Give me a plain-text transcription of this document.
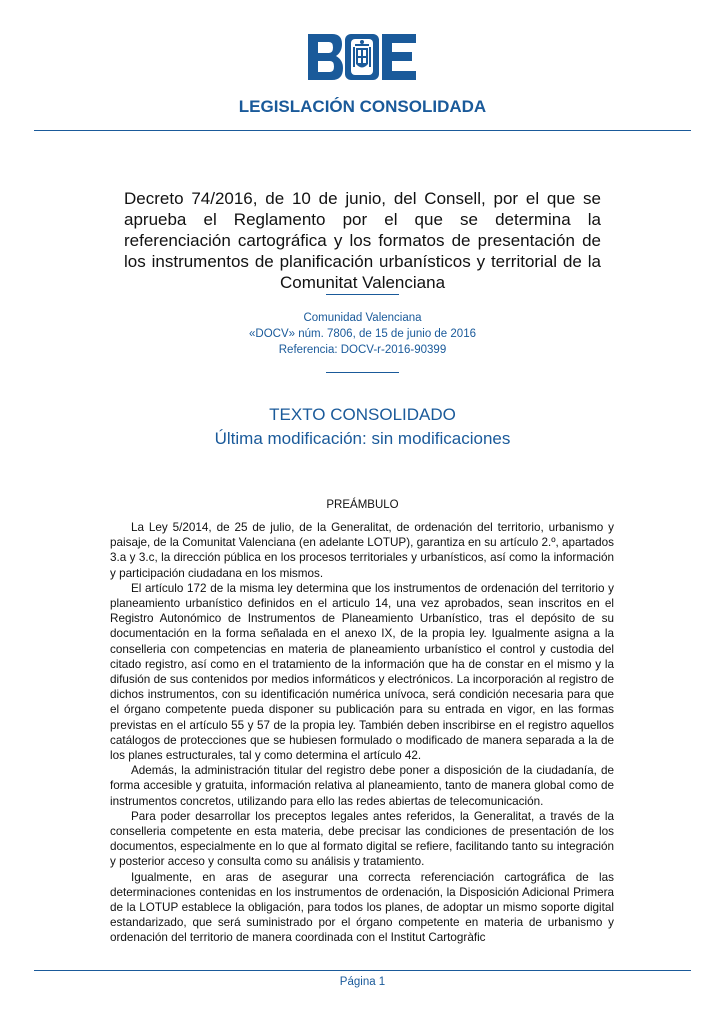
LEGISLACIÓN CONSOLIDADA
Decreto 74/2016, de 10 de junio, del Consell, por el que se aprueba el Reglamento por el que se determina la referenciación cartográfica y los formatos de presentación de los instrumentos de planificación urbanísticos y territorial de la Comunitat Valenciana
Comunidad Valenciana
«DOCV» núm. 7806, de 15 de junio de 2016
Referencia: DOCV-r-2016-90399
TEXTO CONSOLIDADO
Última modificación: sin modificaciones
PREÁMBULO

La Ley 5/2014, de 25 de julio, de la Generalitat, de ordenación del territorio, urbanismo y paisaje, de la Comunitat Valenciana (en adelante LOTUP), garantiza en su artículo 2.º, apartados 3.a y 3.c, la dirección pública en los procesos territoriales y urbanísticos, así como la información y participación ciudadana en los mismos.

El artículo 172 de la misma ley determina que los instrumentos de ordenación del territorio y planeamiento urbanístico definidos en el articulo 14, una vez aprobados, sean inscritos en el Registro Autonómico de Instrumentos de Planeamiento Urbanístico, tras el depósito de su documentación en la forma señalada en el anexo IX, de la propia ley. Igualmente asigna a la conselleria con competencias en materia de planeamiento urbanístico el control y custodia del citado registro, así como en el tratamiento de la información que ha de constar en el mismo y la difusión de sus contenidos por medios informáticos y electrónicos. La incorporación al registro de dichos instrumentos, con su identificación numérica unívoca, será condición necesaria para que el órgano competente pueda disponer su publicación para su entrada en vigor, en las formas previstas en el artículo 55 y 57 de la propia ley. También deben inscribirse en el registro aquellos catálogos de protecciones que se hubiesen formulado o modificado de manera separada a la de los planes estructurales, tal y como determina el artículo 42.

Además, la administración titular del registro debe poner a disposición de la ciudadanía, de forma accesible y gratuita, información relativa al planeamiento, tanto de manera global como de instrumentos concretos, utilizando para ello las redes abiertas de telecomunicación.

Para poder desarrollar los preceptos legales antes referidos, la Generalitat, a través de la conselleria competente en esta materia, debe precisar las condiciones de presentación de los documentos, especialmente en lo que al formato digital se refiere, facilitando tanto su integración y posterior acceso y consulta como su análisis y tratamiento.

Igualmente, en aras de asegurar una correcta referenciación cartográfica de las determinaciones contenidas en los instrumentos de ordenación, la Disposición Adicional Primera de la LOTUP establece la obligación, para todos los planes, de adoptar un mismo soporte digital estandarizado, que será suministrado por el órgano competente en materia de urbanismo y ordenación del territorio de manera coordinada con el Institut Cartogràfic

Página 1
